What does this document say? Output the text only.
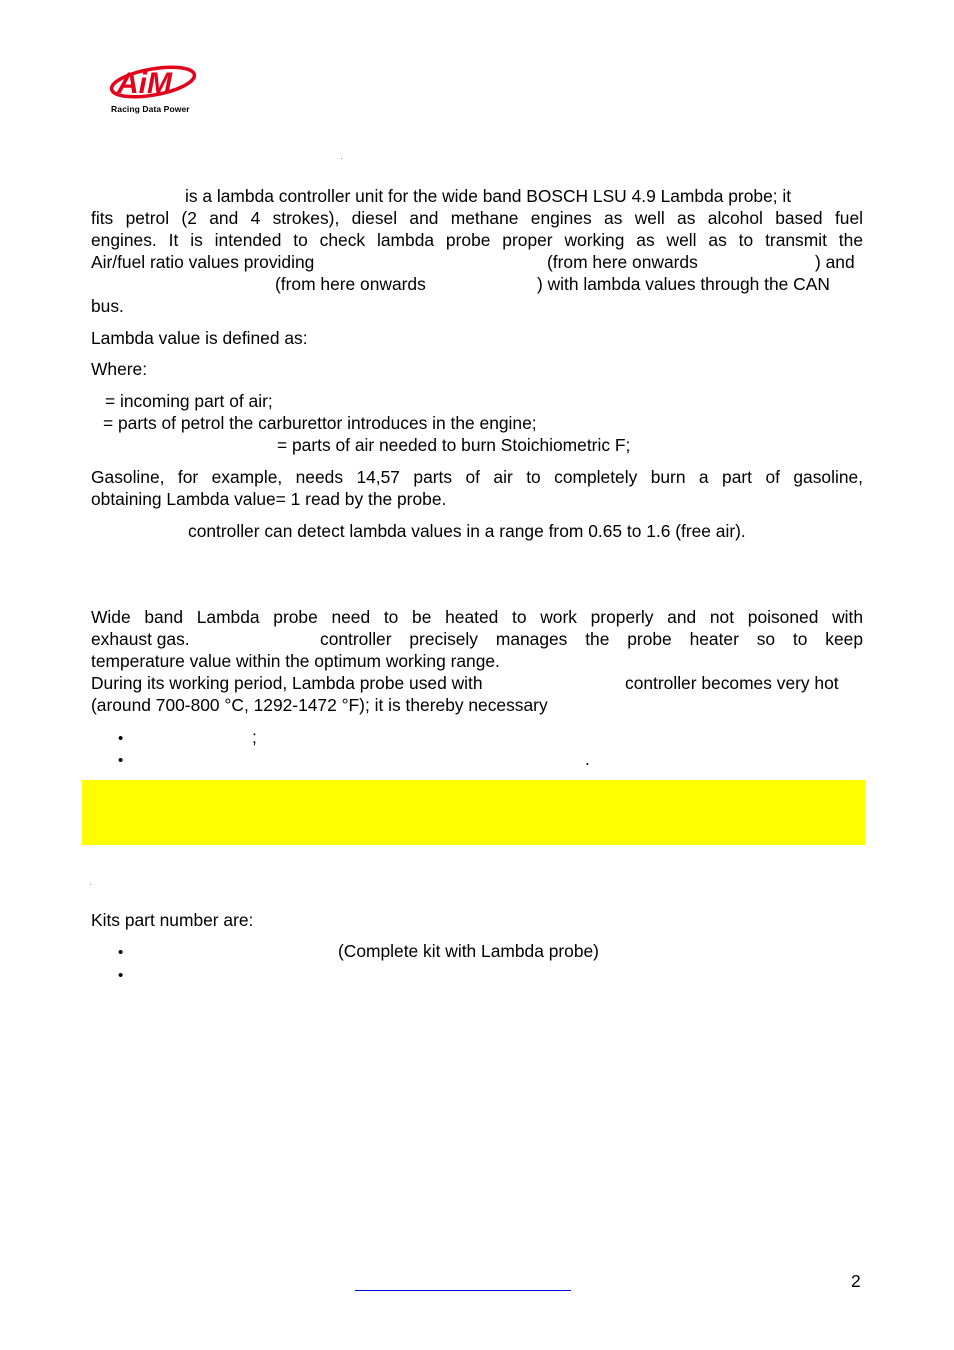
AiM
Racing Data Power
is a lambda controller unit for the wide band BOSCH LSU 4.9 Lambda probe; it
fits petrol (2 and 4 strokes), diesel and methane engines as well as alcohol based fuel
engines. It is intended to check lambda probe proper working as well as to transmit the
Air/fuel ratio values providing	(from here onwards	) and
(from here onwards	) with lambda values through the CAN
bus.
Lambda value is defined as:
Where:
= incoming part of air;
= parts of petrol the carburettor introduces in the engine;
= parts of air needed to burn Stoichiometric F;
Gasoline, for example, needs 14,57 parts of air to completely burn a part of gasoline,
obtaining Lambda value= 1 read by the probe.
controller can detect lambda values in a range from 0.65 to 1.6 (free air).
Wide band Lambda probe need to be heated to work properly and not poisoned with
exhaust gas.	controller precisely manages the probe heater so to keep
temperature value within the optimum working range.
During its working period, Lambda probe used with	controller becomes very hot
(around 700-800 °C, 1292-1472 °F); it is thereby necessary
•	;
•	.
Kits part number are:
•	(Complete kit with Lambda probe)
•
2
